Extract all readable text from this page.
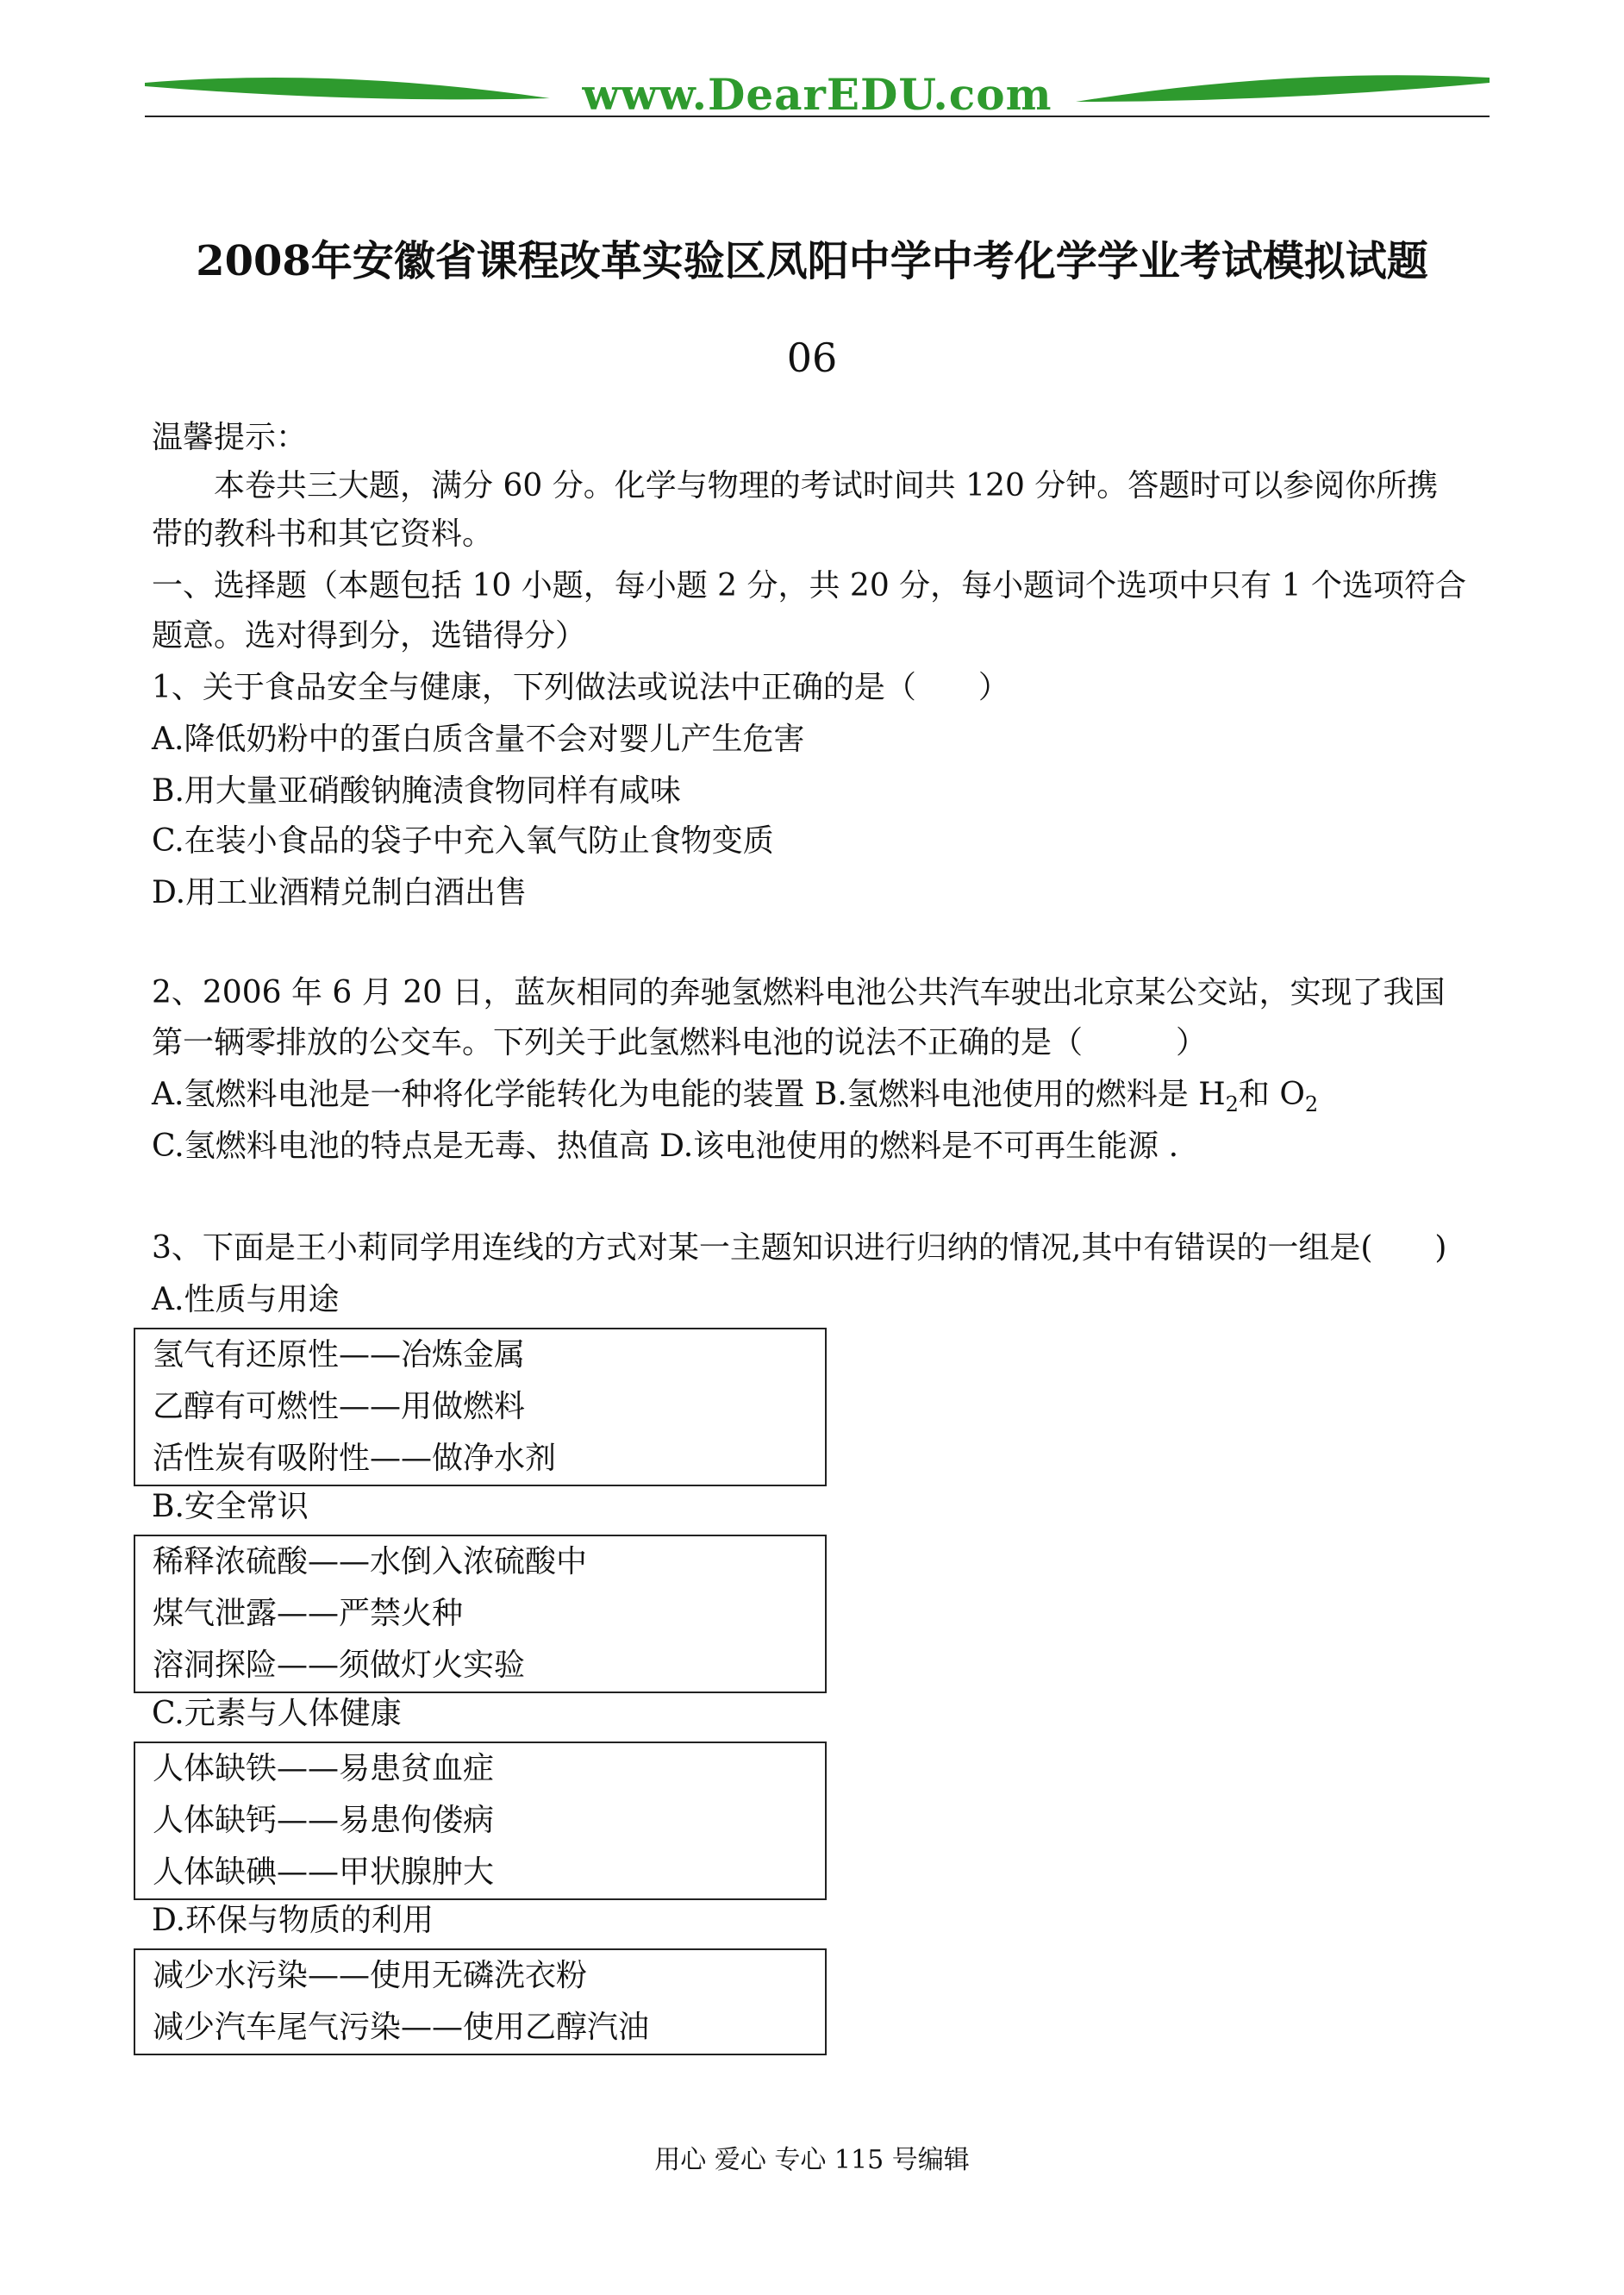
www.DearEDU.com
2008年安徽省课程改革实验区凤阳中学中考化学学业考试模拟试题
06
温馨提示：
本卷共三大题，满分 60 分。化学与物理的考试时间共 120 分钟。答题时可以参阅你所携
带的教科书和其它资料。
一、选择题（本题包括 10 小题，每小题 2 分，共 20 分，每小题词个选项中只有 1 个选项符合
题意。选对得到分，选错得分）
1、关于食品安全与健康，下列做法或说法中正确的是（　　）
A.降低奶粉中的蛋白质含量不会对婴儿产生危害
B.用大量亚硝酸钠腌渍食物同样有咸味
C.在装小食品的袋子中充入氧气防止食物变质
D.用工业酒精兑制白酒出售
2、2006 年 6 月 20 日，蓝灰相同的奔驰氢燃料电池公共汽车驶出北京某公交站，实现了我国
第一辆零排放的公交车。下列关于此氢燃料电池的说法不正确的是（　　　）
A.氢燃料电池是一种将化学能转化为电能的装置 B.氢燃料电池使用的燃料是 $H_2$和 $O_2$
C.氢燃料电池的特点是无毒、热值高 D.该电池使用的燃料是不可再生能源 .
3、下面是王小莉同学用连线的方式对某一主题知识进行归纳的情况,其中有错误的一组是(　　)
A.性质与用途
氢气有还原性——冶炼金属
乙醇有可燃性——用做燃料
活性炭有吸附性——做净水剂
B.安全常识
稀释浓硫酸——水倒入浓硫酸中
煤气泄露——严禁火种
溶洞探险——须做灯火实验
C.元素与人体健康
人体缺铁——易患贫血症
人体缺钙——易患佝偻病
人体缺碘——甲状腺肿大
D.环保与物质的利用
减少水污染——使用无磷洗衣粉
减少汽车尾气污染——使用乙醇汽油
用心 爱心 专心 115 号编辑
